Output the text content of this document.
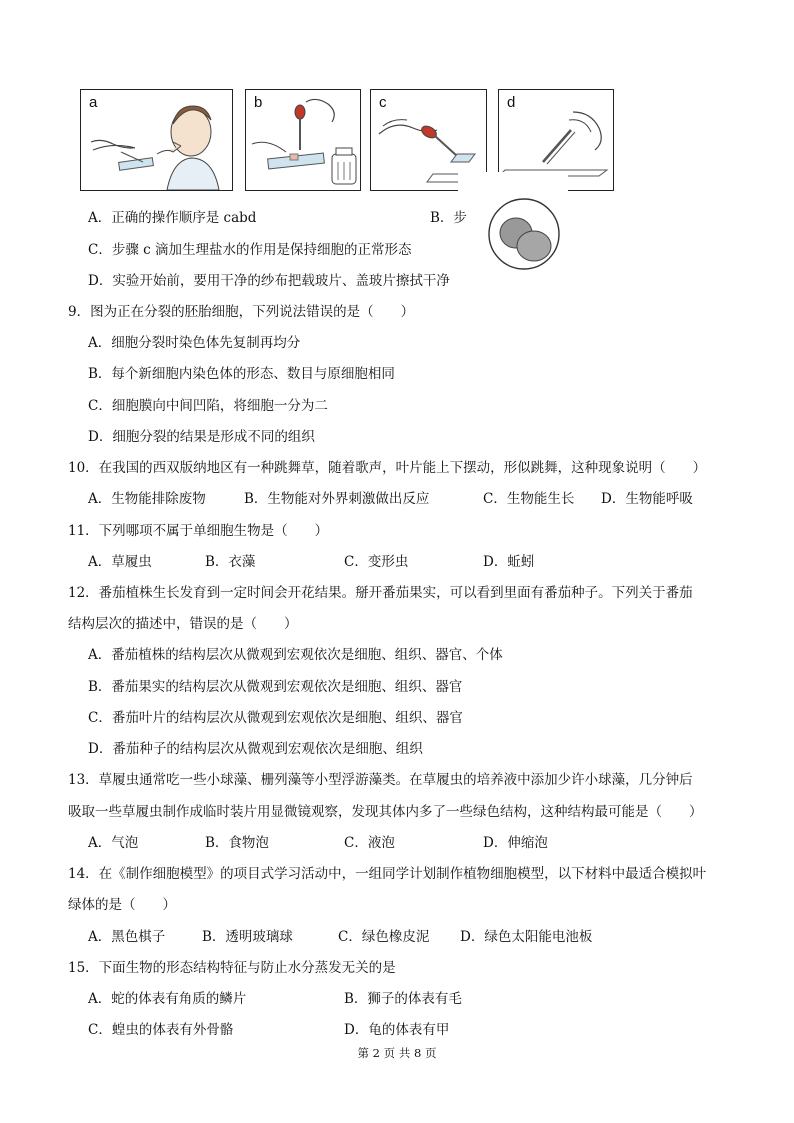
a	b	c	d
A．正确的操作顺序是 cabd	B．步
C．步骤 c 滴加生理盐水的作用是保持细胞的正常形态
D．实验开始前，要用干净的纱布把载玻片、盖玻片擦拭干净
9．图为正在分裂的胚胎细胞，下列说法错误的是（　　）
A．细胞分裂时染色体先复制再均分
B．每个新细胞内染色体的形态、数目与原细胞相同
C．细胞膜向中间凹陷，将细胞一分为二
D．细胞分裂的结果是形成不同的组织
10．在我国的西双版纳地区有一种跳舞草，随着歌声，叶片能上下摆动，形似跳舞，这种现象说明（　　）
A．生物能排除废物	B．生物能对外界刺激做出反应	C．生物能生长 D．生物能呼吸
11．下列哪项不属于单细胞生物是（　　）
A．草履虫	B．衣藻	C．变形虫	D．蚯蚓
12．番茄植株生长发育到一定时间会开花结果。掰开番茄果实，可以看到里面有番茄种子。下列关于番茄
结构层次的描述中，错误的是（　　）
A．番茄植株的结构层次从微观到宏观依次是细胞、组织、器官、个体
B．番茄果实的结构层次从微观到宏观依次是细胞、组织、器官
C．番茄叶片的结构层次从微观到宏观依次是细胞、组织、器官
D．番茄种子的结构层次从微观到宏观依次是细胞、组织
13．草履虫通常吃一些小球藻、栅列藻等小型浮游藻类。在草履虫的培养液中添加少许小球藻，几分钟后
吸取一些草履虫制作成临时装片用显微镜观察，发现其体内多了一些绿色结构，这种结构最可能是（　　）
A．气泡	B．食物泡	C．液泡	D．伸缩泡
14．在《制作细胞模型》的项目式学习活动中，一组同学计划制作植物细胞模型，以下材料中最适合模拟叶
绿体的是（　　）
A．黑色棋子	B．透明玻璃球	C．绿色橡皮泥 D．绿色太阳能电池板
15．下面生物的形态结构特征与防止水分蒸发无关的是
A．蛇的体表有角质的鳞片	B．狮子的体表有毛
C．蝗虫的体表有外骨骼	D．龟的体表有甲
第 2 页 共 8 页
